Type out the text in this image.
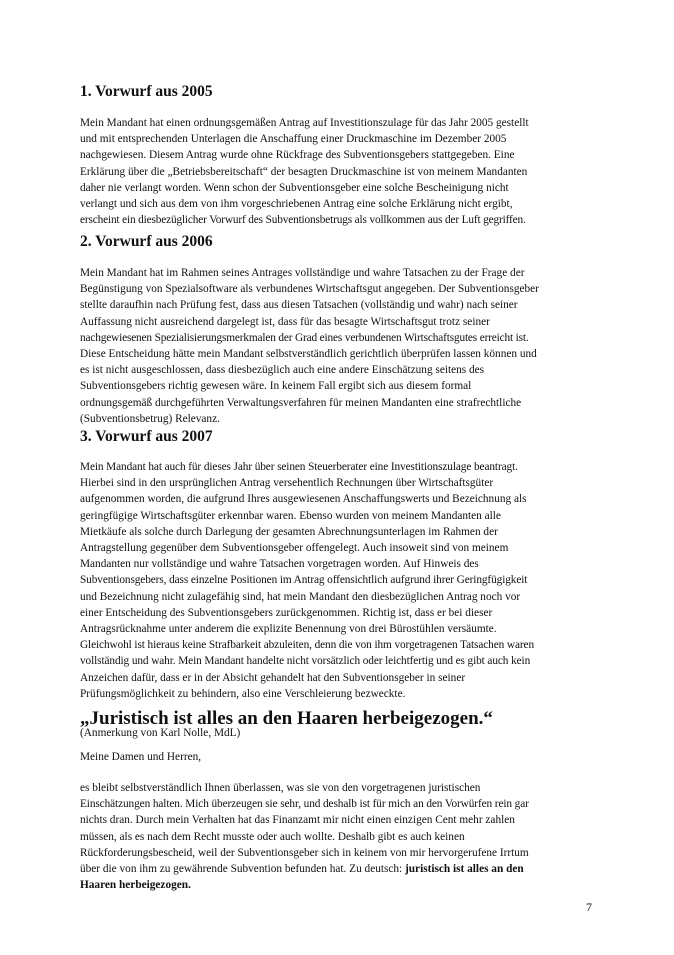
1. Vorwurf aus 2005
Mein Mandant hat einen ordnungsgemäßen Antrag auf Investitionszulage für das Jahr 2005 gestellt
und mit entsprechenden Unterlagen die Anschaffung einer Druckmaschine im Dezember 2005
nachgewiesen. Diesem Antrag wurde ohne Rückfrage des Subventionsgebers stattgegeben. Eine
Erklärung über die „Betriebsbereitschaft“ der besagten Druckmaschine ist von meinem Mandanten
daher nie verlangt worden. Wenn schon der Subventionsgeber eine solche Bescheinigung nicht
verlangt und sich aus dem von ihm vorgeschriebenen Antrag eine solche Erklärung nicht ergibt,
erscheint ein diesbezüglicher Vorwurf des Subventionsbetrugs als vollkommen aus der Luft gegriffen.
2. Vorwurf aus 2006
Mein Mandant hat im Rahmen seines Antrages vollständige und wahre Tatsachen zu der Frage der
Begünstigung von Spezialsoftware als verbundenes Wirtschaftsgut angegeben. Der Subventionsgeber
stellte daraufhin nach Prüfung fest, dass aus diesen Tatsachen (vollständig und wahr) nach seiner
Auffassung nicht ausreichend dargelegt ist, dass für das besagte Wirtschaftsgut trotz seiner
nachgewiesenen Spezialisierungsmerkmalen der Grad eines verbundenen Wirtschaftsgutes erreicht ist.
Diese Entscheidung hätte mein Mandant selbstverständlich gerichtlich überprüfen lassen können und
es ist nicht ausgeschlossen, dass diesbezüglich auch eine andere Einschätzung seitens des
Subventionsgebers richtig gewesen wäre. In keinem Fall ergibt sich aus diesem formal
ordnungsgemäß durchgeführten Verwaltungsverfahren für meinen Mandanten eine strafrechtliche
(Subventionsbetrug) Relevanz.
3. Vorwurf aus 2007
Mein Mandant hat auch für dieses Jahr über seinen Steuerberater eine Investitionszulage beantragt.
Hierbei sind in den ursprünglichen Antrag versehentlich Rechnungen über Wirtschaftsgüter
aufgenommen worden, die aufgrund Ihres ausgewiesenen Anschaffungswerts und Bezeichnung als
geringfügige Wirtschaftsgüter erkennbar waren. Ebenso wurden von meinem Mandanten alle
Mietkäufe als solche durch Darlegung der gesamten Abrechnungsunterlagen im Rahmen der
Antragstellung gegenüber dem Subventionsgeber offengelegt. Auch insoweit sind von meinem
Mandanten nur vollständige und wahre Tatsachen vorgetragen worden. Auf Hinweis des
Subventionsgebers, dass einzelne Positionen im Antrag offensichtlich aufgrund ihrer Geringfügigkeit
und Bezeichnung nicht zulagefähig sind, hat mein Mandant den diesbezüglichen Antrag noch vor
einer Entscheidung des Subventionsgebers zurückgenommen. Richtig ist, dass er bei dieser
Antragsrücknahme unter anderem die explizite Benennung von drei Bürostühlen versäumte.
Gleichwohl ist hieraus keine Strafbarkeit abzuleiten, denn die von ihm vorgetragenen Tatsachen waren
vollständig und wahr. Mein Mandant handelte nicht vorsätzlich oder leichtfertig und es gibt auch kein
Anzeichen dafür, dass er in der Absicht gehandelt hat den Subventionsgeber in seiner
Prüfungsmöglichkeit zu behindern, also eine Verschleierung bezweckte.
„Juristisch ist alles an den Haaren herbeigezogen.“

(Anmerkung von Karl Nolle, MdL)

Meine Damen und Herren,

es bleibt selbstverständlich Ihnen überlassen, was sie von den vorgetragenen juristischen
Einschätzungen halten. Mich überzeugen sie sehr, und deshalb ist für mich an den Vorwürfen rein gar
nichts dran. Durch mein Verhalten hat das Finanzamt mir nicht einen einzigen Cent mehr zahlen
müssen, als es nach dem Recht musste oder auch wollte. Deshalb gibt es auch keinen
Rückforderungsbescheid, weil der Subventionsgeber sich in keinem von mir hervorgerufene Irrtum
über die von ihm zu gewährende Subvention befunden hat. Zu deutsch: juristisch ist alles an den
Haaren herbeigezogen.
7
